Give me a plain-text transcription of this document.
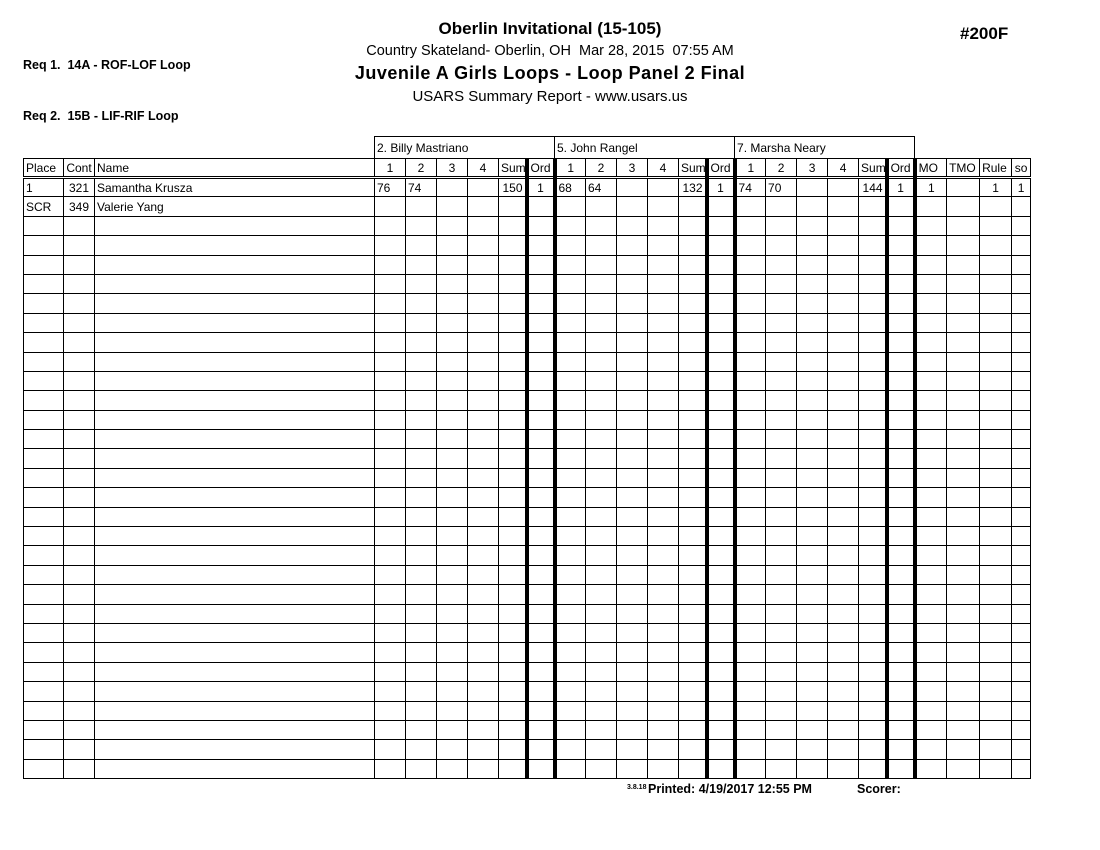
Req 1.  14A - ROF-LOF Loop

Req 2.  15B - LIF-RIF Loop

Oberlin Invitational (15-105)
Country Skateland- Oberlin, OH  Mar 28, 2015  07:55 AM
Juvenile A Girls Loops - Loop Panel 2 Final
USARS Summary Report - www.usars.us
#200F
			2. Billy Mastriano						5. John Rangel						7. Marsha Neary									
Place	Cont	Name	1	2	3	4	Sum	Ord	1	2	3	4	Sum	Ord	1	2	3	4	Sum	Ord	MO	TMO	Rule	so
1	321	Samantha Krusza	76	74			150	1	68	64			132	1	74	70			144	1	1		1	1
SCR	349	Valerie Yang																						

3.8.18 Printed: 4/19/2017 12:55 PM	Scorer:
